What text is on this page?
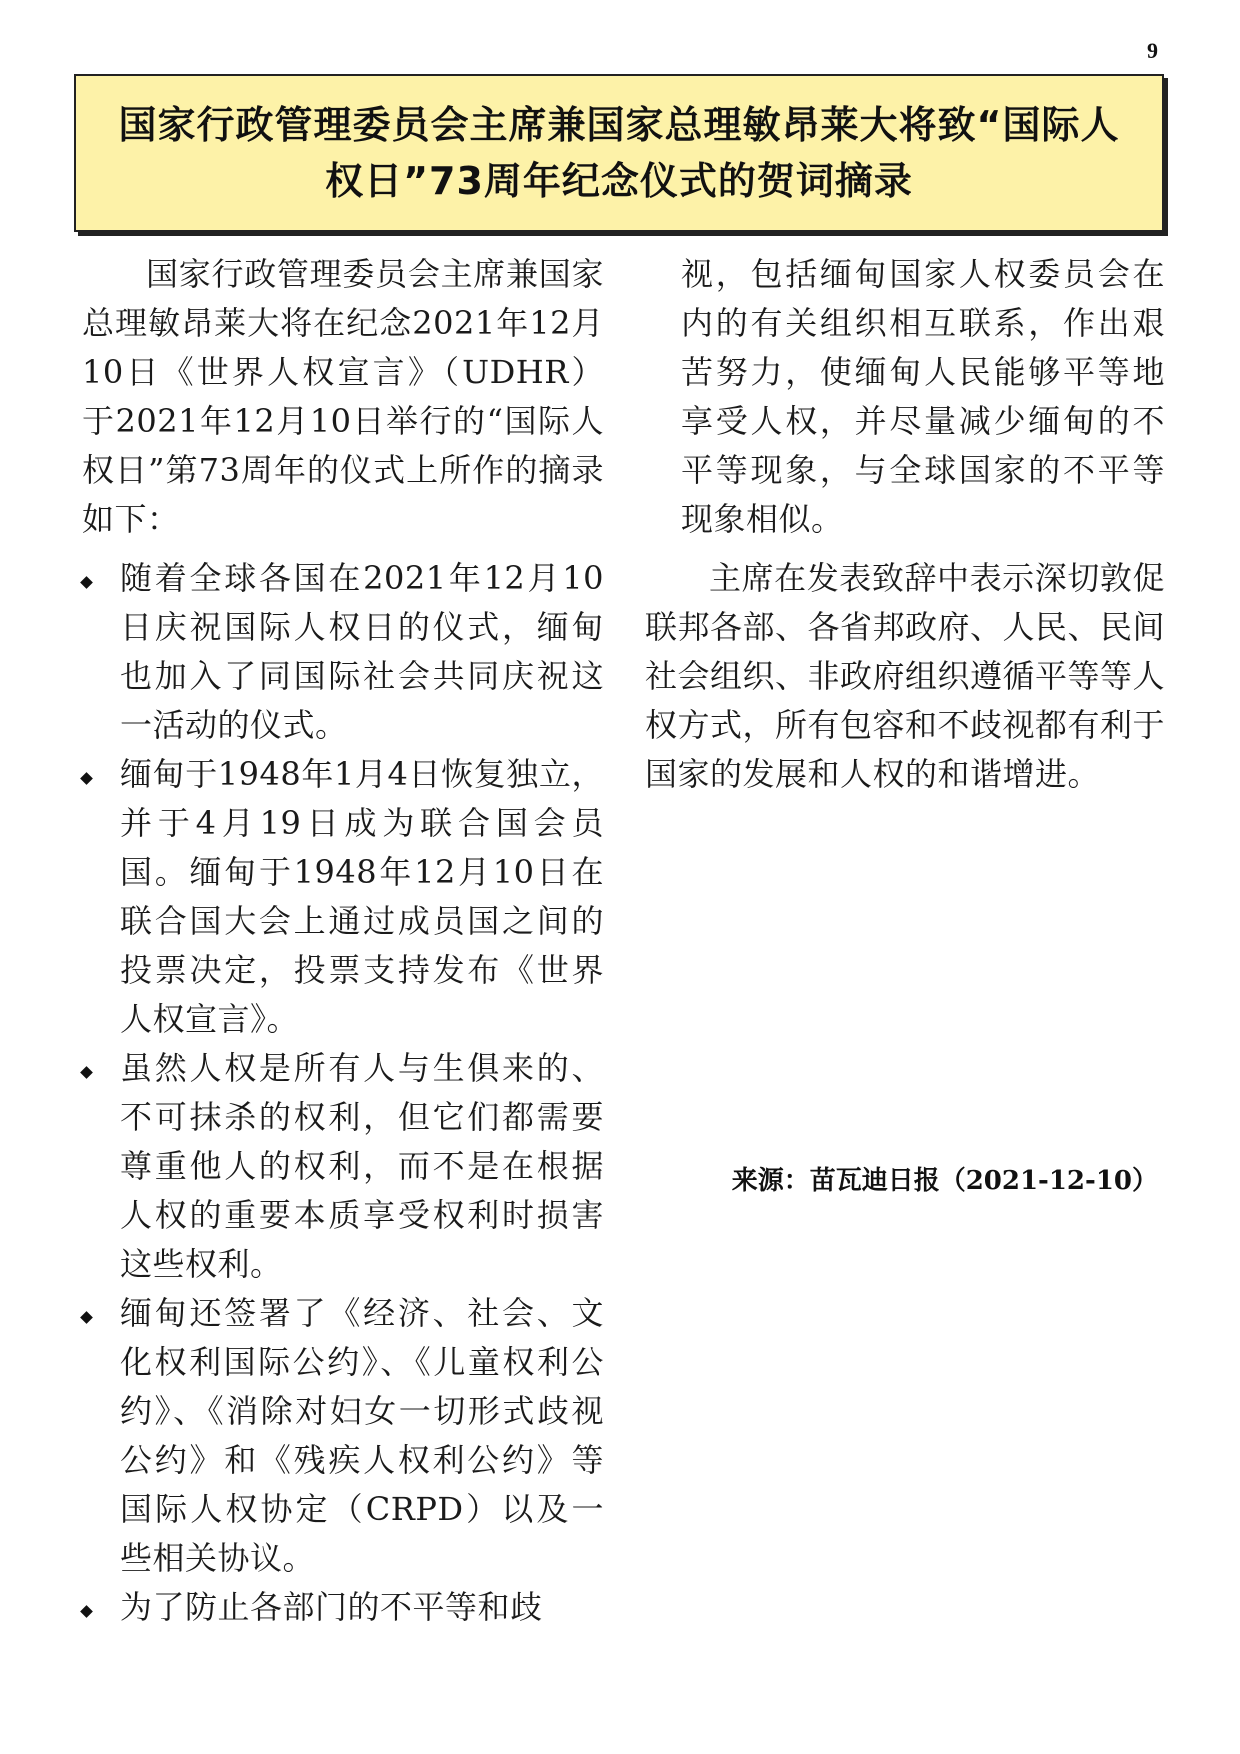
9
国家行政管理委员会主席兼国家总理敏昂莱大将致“国际人权日”73周年纪念仪式的贺词摘录

国家行政管理委员会主席兼国家总理敏昂莱大将在纪念2021年12月10日《世界人权宣言》（UDHR）于2021年12月10日举行的“国际人权日”第73周年的仪式上所作的摘录如下：

随着全球各国在2021年12月10日庆祝国际人权日的仪式，缅甸也加入了同国际社会共同庆祝这一活动的仪式。
缅甸于1948年1月4日恢复独立，并于4月19日成为联合国会员国。缅甸于1948年12月10日在联合国大会上通过成员国之间的投票决定，投票支持发布《世界人权宣言》。
虽然人权是所有人与生俱来的、不可抹杀的权利，但它们都需要尊重他人的权利，而不是在根据人权的重要本质享受权利时损害这些权利。
缅甸还签署了《经济、社会、文化权利国际公约》、《儿童权利公约》、《消除对妇女一切形式歧视公约》和《残疾人权利公约》等国际人权协定（CRPD）以及一些相关协议。
为了防止各部门的不平等和歧

视，包括缅甸国家人权委员会在内的有关组织相互联系，作出艰苦努力，使缅甸人民能够平等地享受人权，并尽量减少缅甸的不平等现象，与全球国家的不平等现象相似。

主席在发表致辞中表示深切敦促联邦各部、各省邦政府、人民、民间社会组织、非政府组织遵循平等等人权方式，所有包容和不歧视都有利于国家的发展和人权的和谐增进。

来源：苗瓦迪日报（2021-12-10）
